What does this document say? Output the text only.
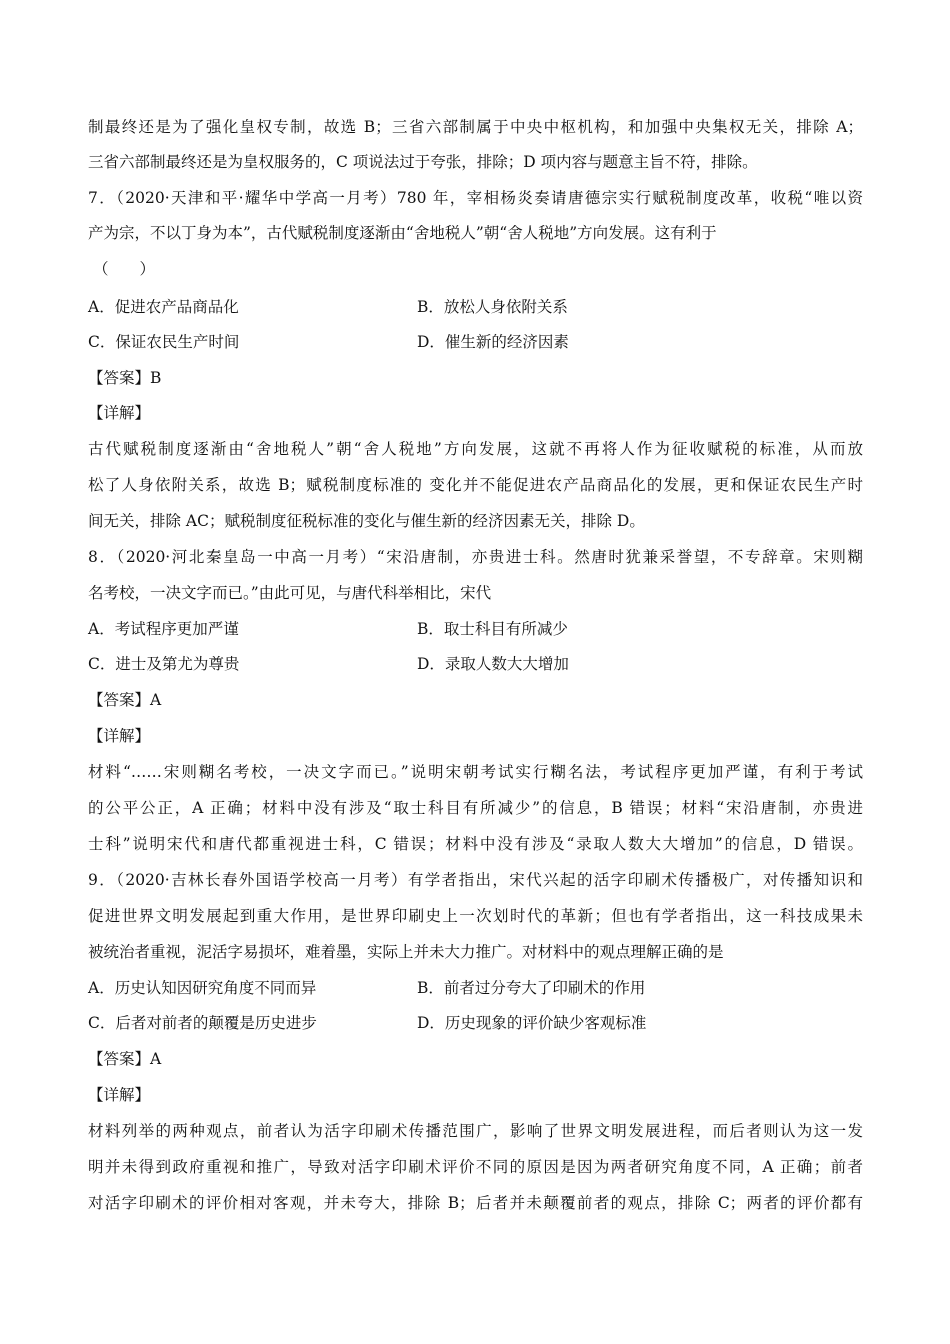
制最终还是为了强化皇权专制，故选 B；三省六部制属于中央中枢机构，和加强中央集权无关，排除 A；
三省六部制最终还是为皇权服务的，C 项说法过于夸张，排除；D 项内容与题意主旨不符，排除。
7．（2020·天津和平·耀华中学高一月考）780 年，宰相杨炎奏请唐德宗实行赋税制度改革，收税“唯以资
产为宗，不以丁身为本”，古代赋税制度逐渐由“舍地税人”朝“舍人税地”方向发展。这有利于
（　　）
A．促进农产品商品化	B．放松人身依附关系
C．保证农民生产时间	D．催生新的经济因素
【答案】B
【详解】
古代赋税制度逐渐由“舍地税人”朝“舍人税地”方向发展，这就不再将人作为征收赋税的标准，从而放
松了人身依附关系，故选 B；赋税制度标准的 变化并不能促进农产品商品化的发展，更和保证农民生产时
间无关，排除 AC；赋税制度征税标准的变化与催生新的经济因素无关，排除 D。
8．（2020·河北秦皇岛一中高一月考）“宋沿唐制，亦贵进士科。然唐时犹兼采誉望，不专辞章。宋则糊
名考校，一决文字而已。”由此可见，与唐代科举相比，宋代
A．考试程序更加严谨	B．取士科目有所减少
C．进士及第尤为尊贵	D．录取人数大大增加
【答案】A
【详解】
材料“……宋则糊名考校，一决文字而已。”说明宋朝考试实行糊名法，考试程序更加严谨，有利于考试
的公平公正，A 正确；材料中没有涉及“取士科目有所减少”的信息，B 错误；材料“宋沿唐制，亦贵进
士科”说明宋代和唐代都重视进士科，C 错误；材料中没有涉及“录取人数大大增加”的信息，D 错误。
9．（2020·吉林长春外国语学校高一月考）有学者指出，宋代兴起的活字印刷术传播极广，对传播知识和
促进世界文明发展起到重大作用，是世界印刷史上一次划时代的革新；但也有学者指出，这一科技成果未
被统治者重视，泥活字易损坏，难着墨，实际上并未大力推广。对材料中的观点理解正确的是
A．历史认知因研究角度不同而异	B．前者过分夸大了印刷术的作用
C．后者对前者的颠覆是历史进步	D．历史现象的评价缺少客观标准
【答案】A
【详解】
材料列举的两种观点，前者认为活字印刷术传播范围广，影响了世界文明发展进程，而后者则认为这一发
明并未得到政府重视和推广，导致对活字印刷术评价不同的原因是因为两者研究角度不同，A 正确；前者
对活字印刷术的评价相对客观，并未夸大，排除 B；后者并未颠覆前者的观点，排除 C；两者的评价都有
